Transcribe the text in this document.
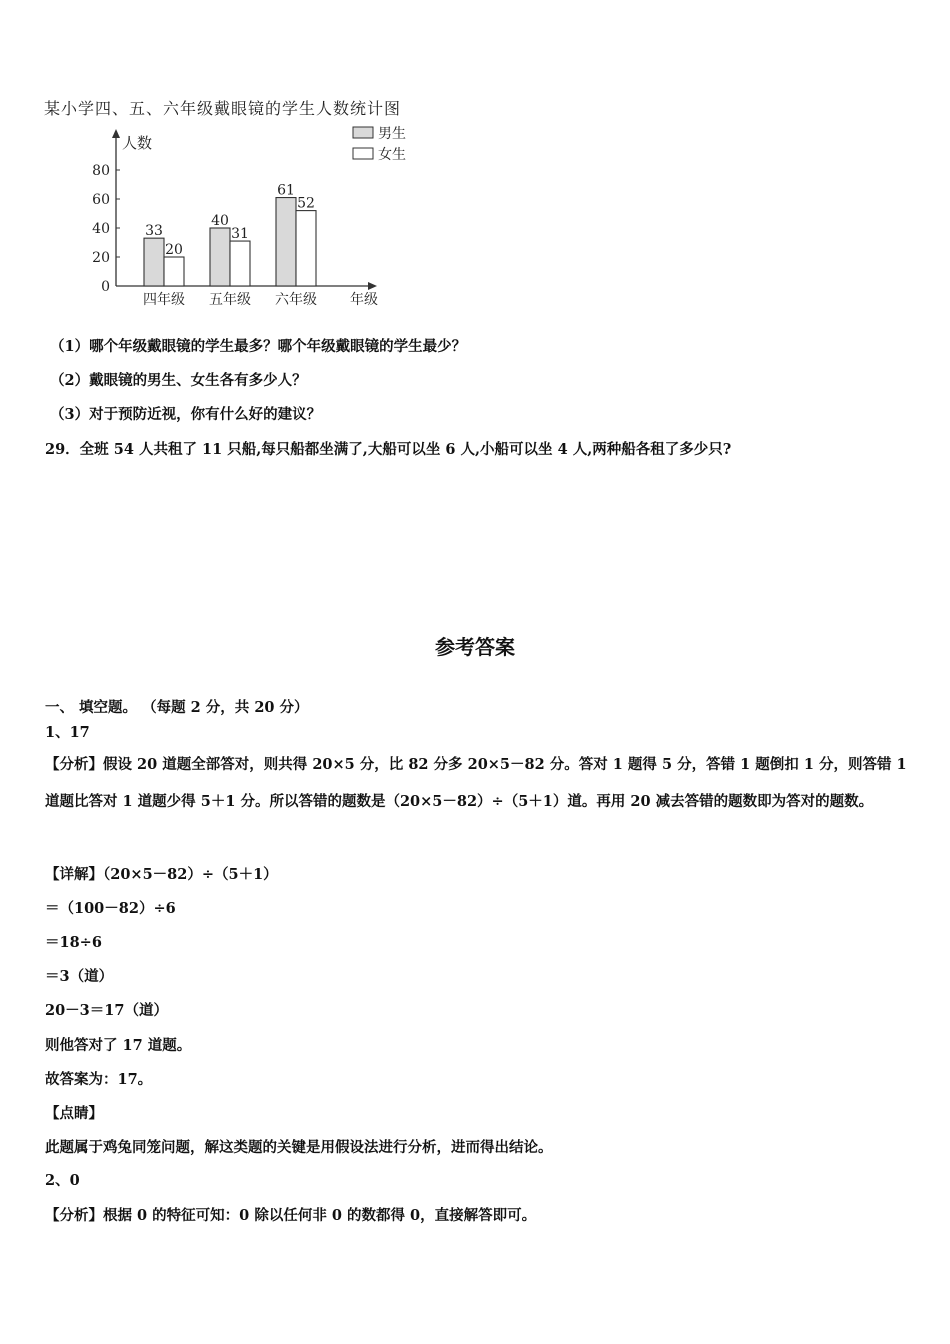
某小学四、五、六年级戴眼镜的学生人数统计图
人数
0
20
40
60
80
33
20
四年级
40
31
五年级
61
52
六年级 年级
男生
女生
（1）哪个年级戴眼镜的学生最多？哪个年级戴眼镜的学生最少？
（2）戴眼镜的男生、女生各有多少人？
（3）对于预防近视，你有什么好的建议？
29．全班 54 人共租了 11 只船,每只船都坐满了,大船可以坐 6 人,小船可以坐 4 人,两种船各租了多少只?
参考答案
一、 填空题。 （每题 2 分，共 20 分）
1、17
【分析】假设 20 道题全部答对，则共得 20×5 分，比 82 分多 20×5－82 分。答对 1 题得 5 分，答错 1 题倒扣 1 分，则答错 1 道题比答对 1 道题少得 5＋1 分。所以答错的题数是（20×5－82）÷（5＋1）道。再用 20 减去答错的题数即为答对的题数。
【详解】（20×5－82）÷（5＋1）
＝（100－82）÷6
＝18÷6
＝3（道）
20－3＝17（道）
则他答对了 17 道题。
故答案为：17。
【点睛】
此题属于鸡兔同笼问题，解这类题的关键是用假设法进行分析，进而得出结论。
2、0
【分析】根据 0 的特征可知：0 除以任何非 0 的数都得 0，直接解答即可。
